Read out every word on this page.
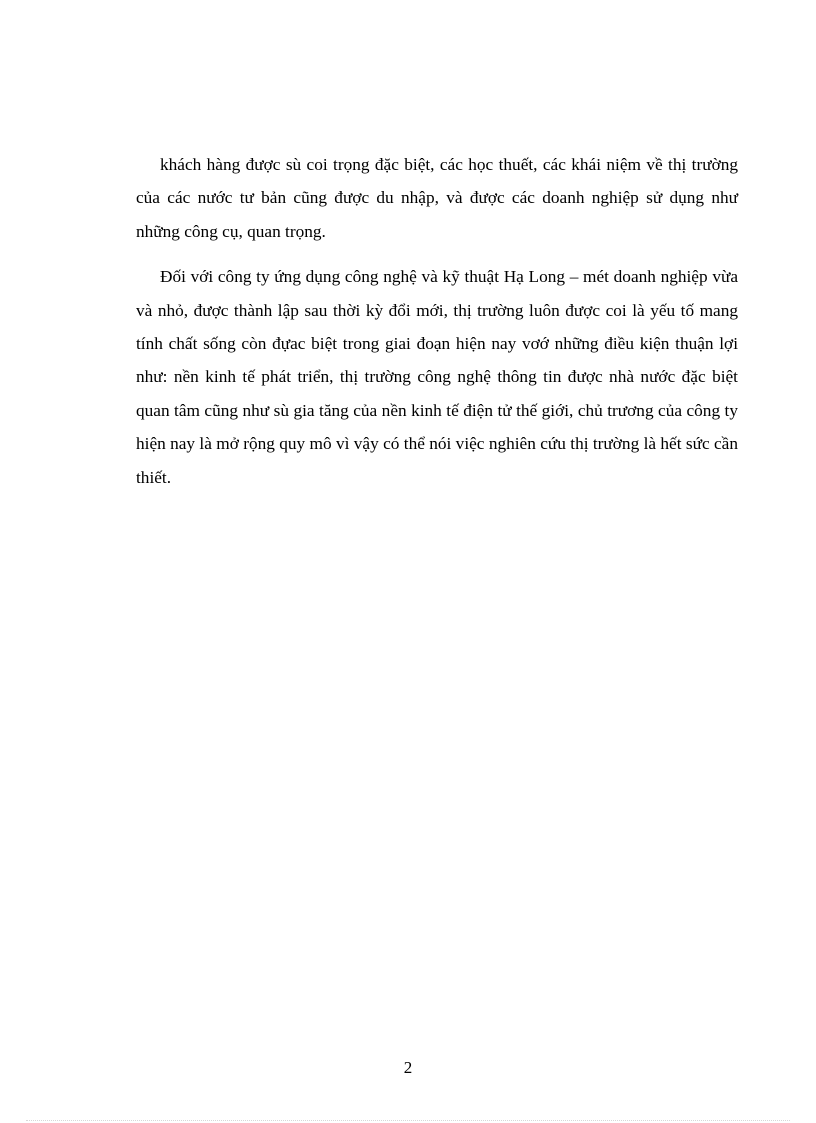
khách hàng được sù coi trọng đặc biệt, các học thuết, các khái niệm về thị trường của các nước tư bản cũng được du nhập, và được các doanh nghiệp sử dụng như những công cụ, quan trọng.

Đối với công ty ứng dụng công nghệ và kỹ thuật Hạ Long – mét doanh nghiệp vừa và nhỏ, được thành lập sau thời kỳ đổi mới, thị trường luôn được coi là yếu tố mang tính chất sống còn đựac biệt trong giai đoạn hiện nay vơớ những điều kiện thuận lợi như: nền kinh tế phát triển, thị trường công nghệ thông tin được nhà nước đặc biệt quan tâm cũng như sù gia tăng của nền kinh tế điện tử thế giới, chủ trương của công ty hiện nay là mở rộng quy mô vì vậy có thể nói việc nghiên cứu thị trường là hết sức cần thiết.

2
